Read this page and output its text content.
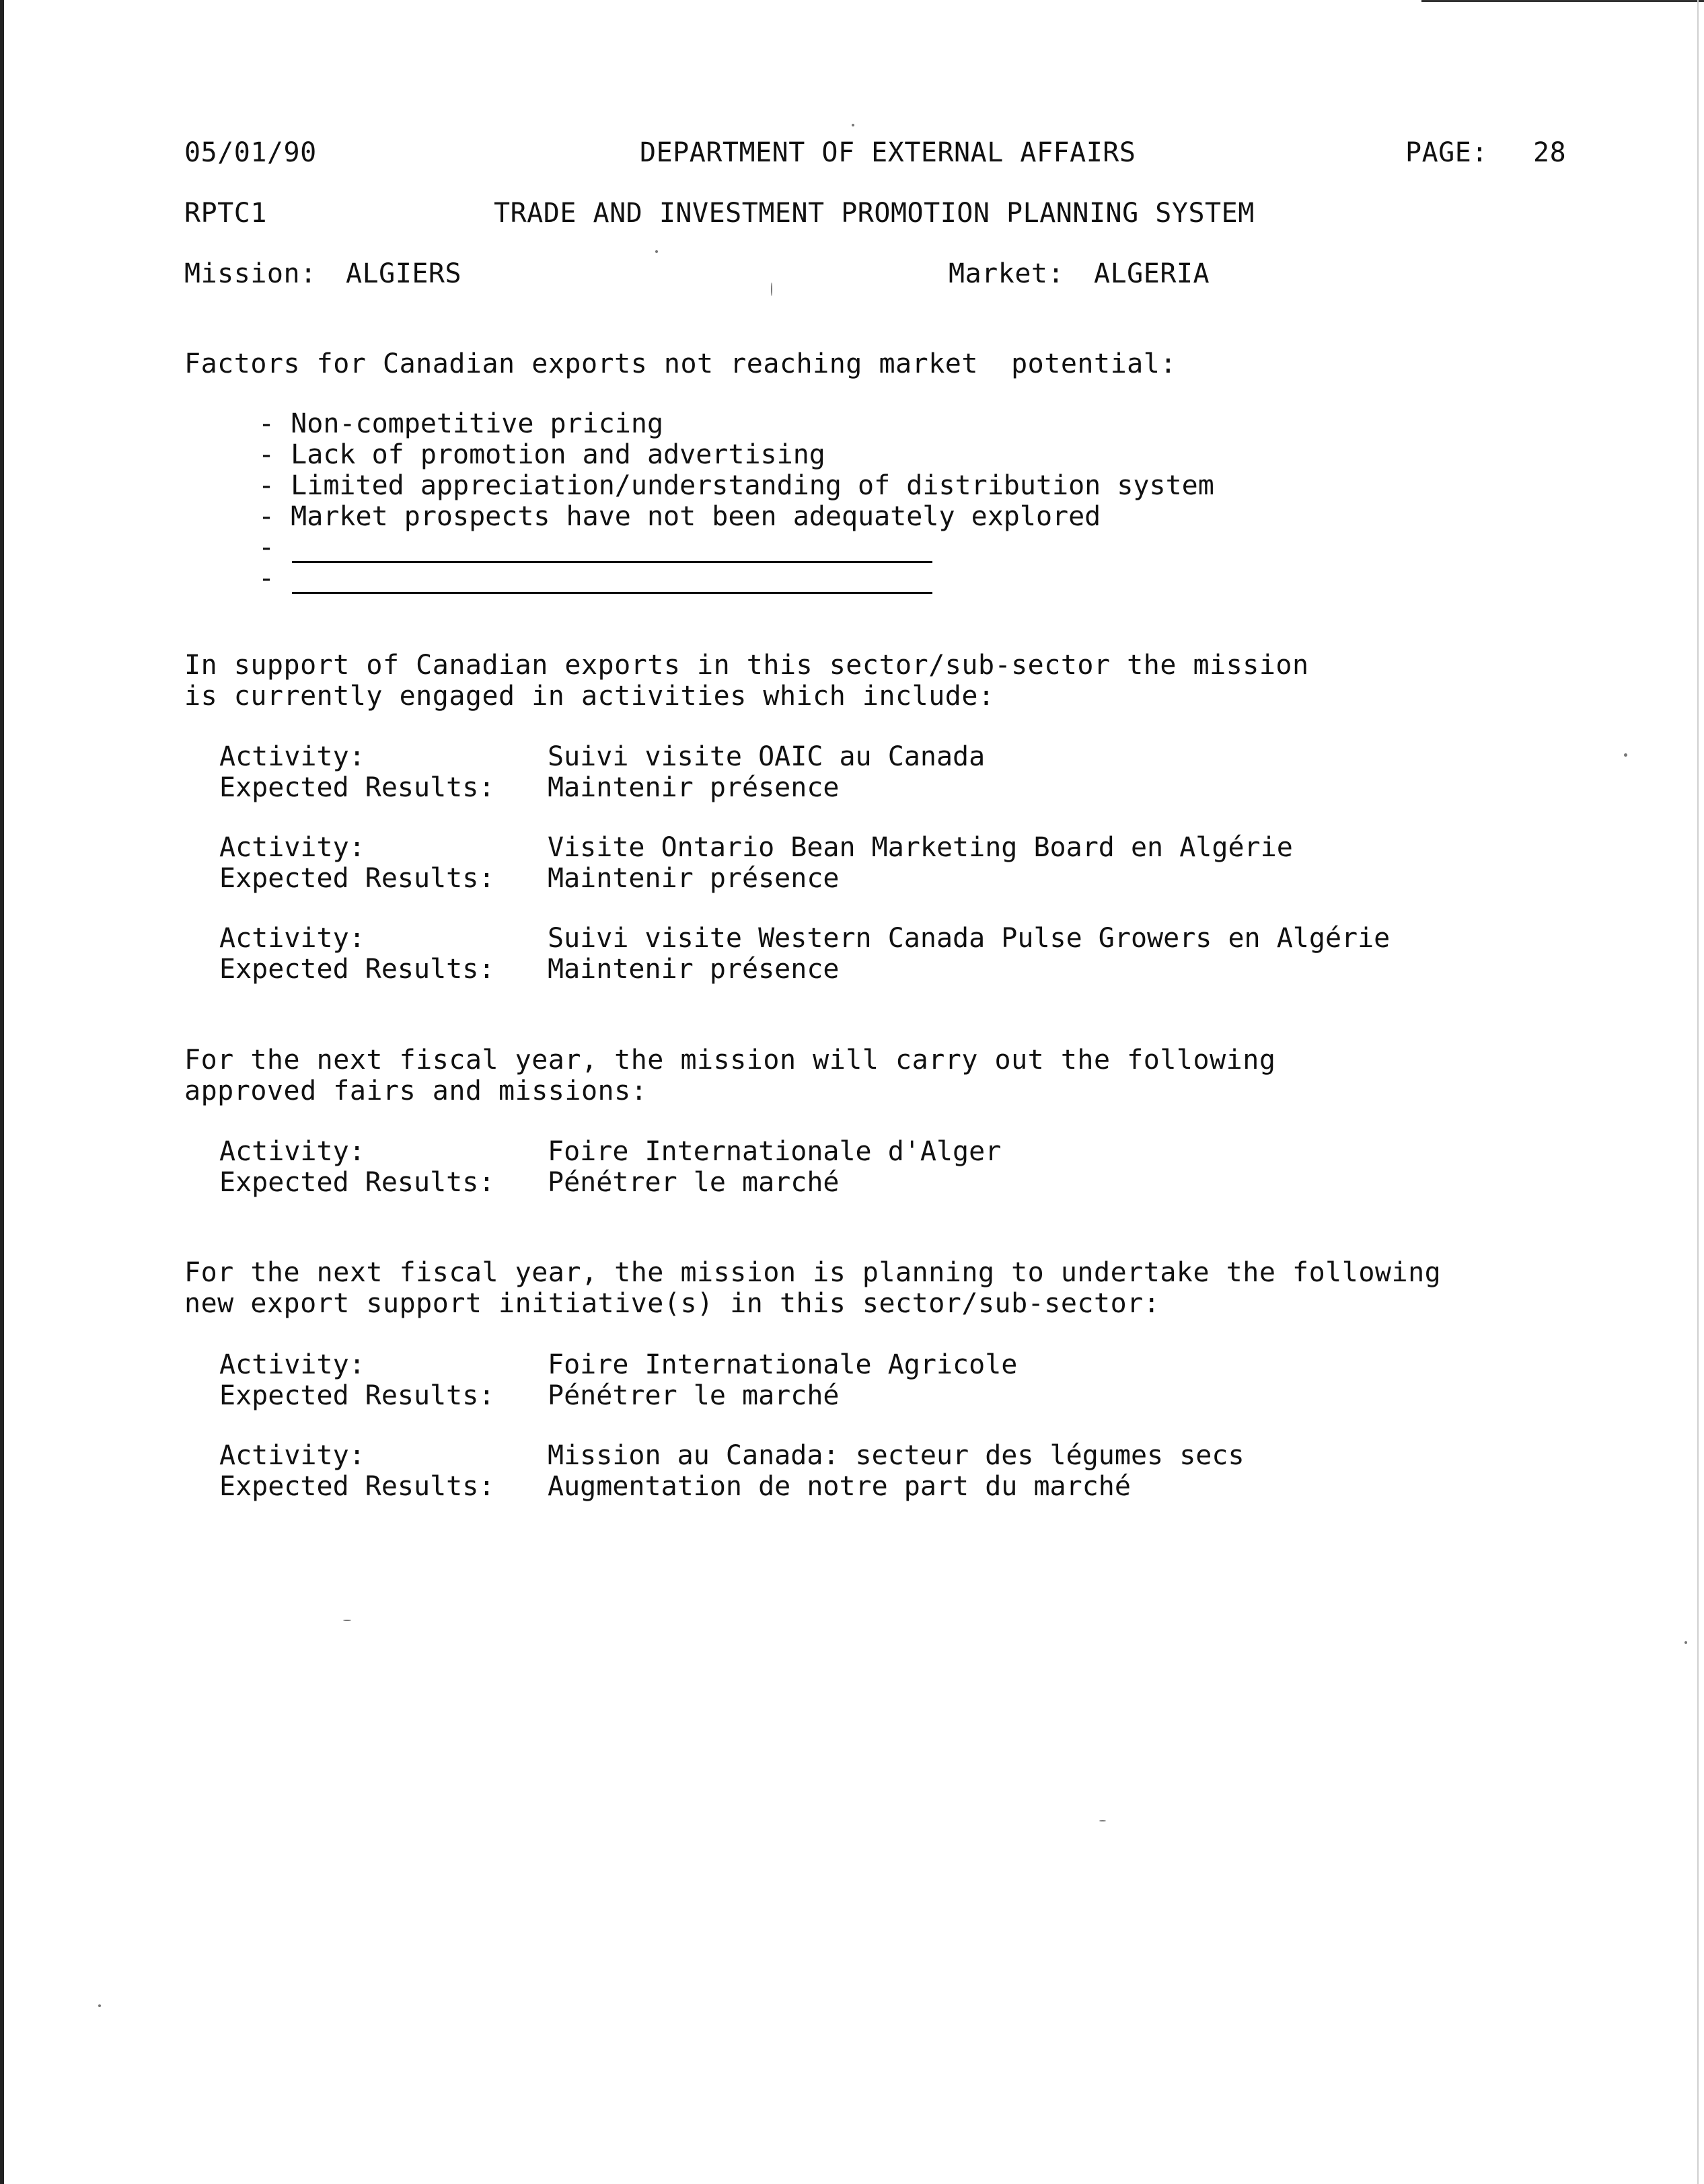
05/01/90	DEPARTMENT OF EXTERNAL AFFAIRS	PAGE: 28
RPTC1	TRADE AND INVESTMENT PROMOTION PLANNING SYSTEM
Mission: ALGIERS	Market: ALGERIA
Factors for Canadian exports not reaching market  potential:
- Non-competitive pricing
- Lack of promotion and advertising
- Limited appreciation/understanding of distribution system
- Market prospects have not been adequately explored
-
-
In support of Canadian exports in this sector/sub-sector the mission
is currently engaged in activities which include:
Activity:	Suivi visite OAIC au Canada
Expected Results:	Maintenir présence
Activity:	Visite Ontario Bean Marketing Board en Algérie
Expected Results:	Maintenir présence
Activity:	Suivi visite Western Canada Pulse Growers en Algérie
Expected Results:	Maintenir présence
For the next fiscal year, the mission will carry out the following
approved fairs and missions:
Activity:	Foire Internationale d'Alger
Expected Results:	Pénétrer le marché
For the next fiscal year, the mission is planning to undertake the following
new export support initiative(s) in this sector/sub-sector:
Activity:	Foire Internationale Agricole
Expected Results:	Pénétrer le marché
Activity:	Mission au Canada: secteur des légumes secs
Expected Results:	Augmentation de notre part du marché
